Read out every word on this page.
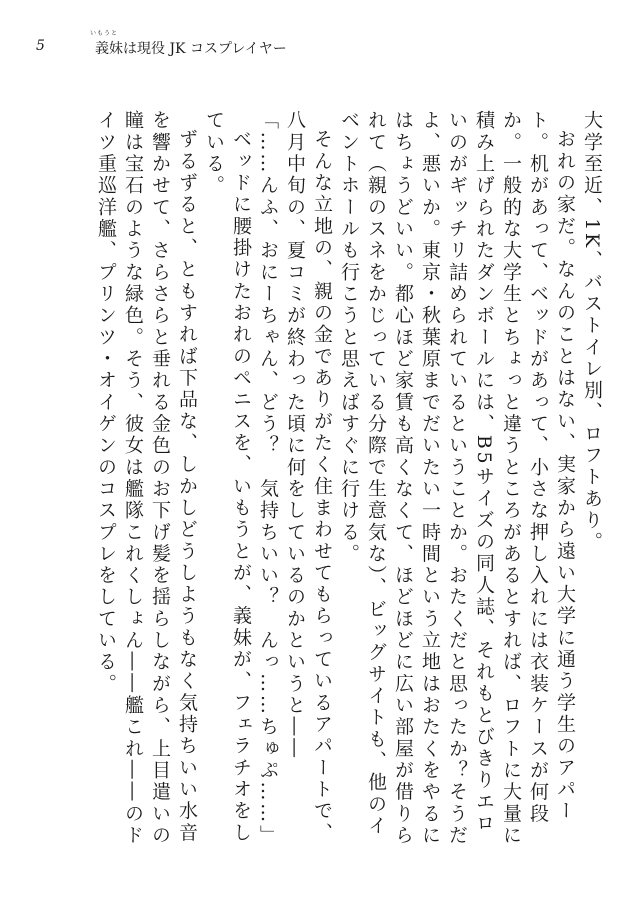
5
いもうと
義妹は現役 JK コスプレイヤー

大学至近、1K、バストイレ別、ロフトあり。

おれの家だ。なんのことはない、実家から遠い大学に通う学生のアパート。机があって、ベッドがあって、小さな押し入れには衣装ケースが何段か。一般的な大学生とちょっと違うところがあるとすれば、ロフトに大量に積み上げられたダンボールには、B5サイズの同人誌、それもとびきりエロいのがギッチリ詰められているということか。おたくだと思ったか？そうだよ、悪いか。東京・秋葉原までだいたい一時間という立地はおたくをやるにはちょうどいい。都心ほど家賃も高くなくて、ほどほどに広い部屋が借りられて（親のスネをかじっている分際で生意気な）、ビッグサイトも、他のイベントホールも行こうと思えばすぐに行ける。

そんな立地の、親の金でありがたく住まわせてもらっているアパートで、八月中旬の、夏コミが終わった頃に何をしているのかというと――

「……んふ、おにーちゃん、どう？　気持ちいい？　んっ……ちゅぷ……」

ベッドに腰掛けたおれのペニスを、いもうとが、義妹が、フェラチオをしている。

ずるずると、ともすれば下品な、しかしどうしようもなく気持ちいい水音を響かせて、さらさらと垂れる金色のお下げ髪を揺らしながら、上目遣いの瞳は宝石のような緑色。そう、彼女は艦隊これくしょん――艦これ――のドイツ重巡洋艦、プリンツ・オイゲンのコスプレをしている。
